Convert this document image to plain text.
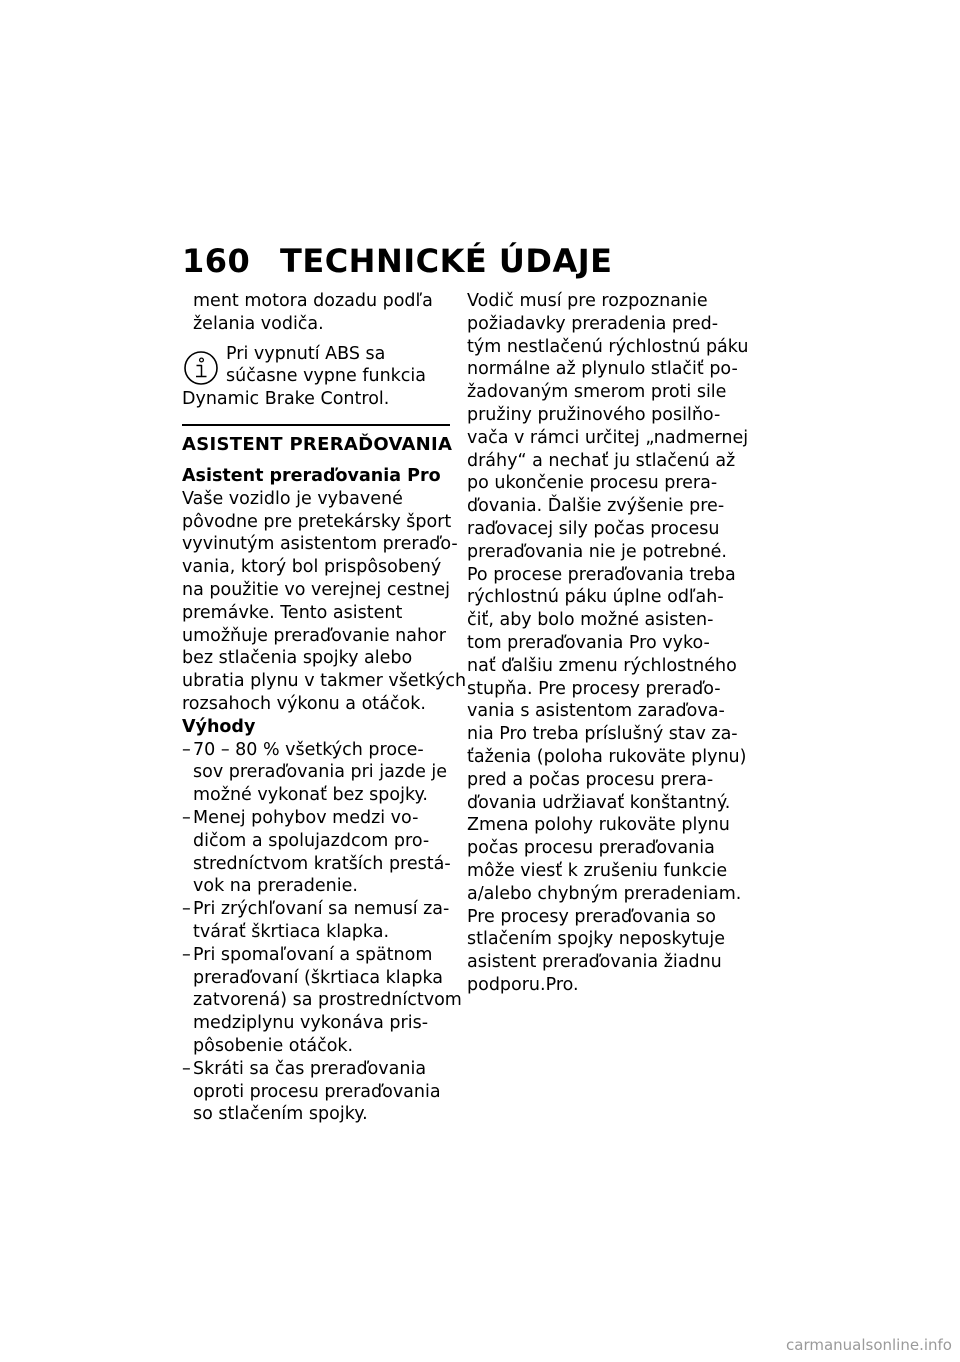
160 TECHNICKÉ ÚDAJE
ment motora dozadu podľa
želania vodiča.
Pri vypnutí ABS sa
súčasne vypne funkcia
Dynamic Brake Control.
ASISTENT PRERAĎOVANIA
Asistent preraďovania Pro
Vaše vozidlo je vybavené
pôvodne pre pretekársky šport
vyvinutým asistentom preraďo-
vania, ktorý bol prispôsobený
na použitie vo verejnej cestnej
premávke. Tento asistent
umožňuje preraďovanie nahor
bez stlačenia spojky alebo
ubratia plynu v takmer všetkých
rozsahoch výkonu a otáčok.
Výhody
– 70 – 80 % všetkých proce-
sov preraďovania pri jazde je
možné vykonať bez spojky.
– Menej pohybov medzi vo-
dičom a spolujazdcom pro-
stredníctvom kratších prestá-
vok na preradenie.
– Pri zrýchľovaní sa nemusí za-
tvárať škrtiaca klapka.
– Pri spomaľovaní a spätnom
preraďovaní (škrtiaca klapka
zatvorená) sa prostredníctvom
medziplynu vykonáva pris-
pôsobenie otáčok.
– Skráti sa čas preraďovania
oproti procesu preraďovania
so stlačením spojky.
Vodič musí pre rozpoznanie
požiadavky preradenia pred-
tým nestlačenú rýchlostnú páku
normálne až plynulo stlačiť po-
žadovaným smerom proti sile
pružiny pružinového posilňo-
vača v rámci určitej „nadmernej
dráhy“ a nechať ju stlačenú až
po ukončenie procesu prera-
ďovania. Ďalšie zvýšenie pre-
raďovacej sily počas procesu
preraďovania nie je potrebné.
Po procese preraďovania treba
rýchlostnú páku úplne odľah-
čiť, aby bolo možné asisten-
tom preraďovania Pro vyko-
nať ďalšiu zmenu rýchlostného
stupňa. Pre procesy preraďo-
vania s asistentom zaraďova-
nia Pro treba príslušný stav za-
ťaženia (poloha rukoväte plynu)
pred a počas procesu prera-
ďovania udržiavať konštantný.
Zmena polohy rukoväte plynu
počas procesu preraďovania
môže viesť k zrušeniu funkcie
a/alebo chybným preradeniam.
Pre procesy preraďovania so
stlačením spojky neposkytuje
asistent preraďovania žiadnu
podporu.Pro.
carmanualsonline.info
